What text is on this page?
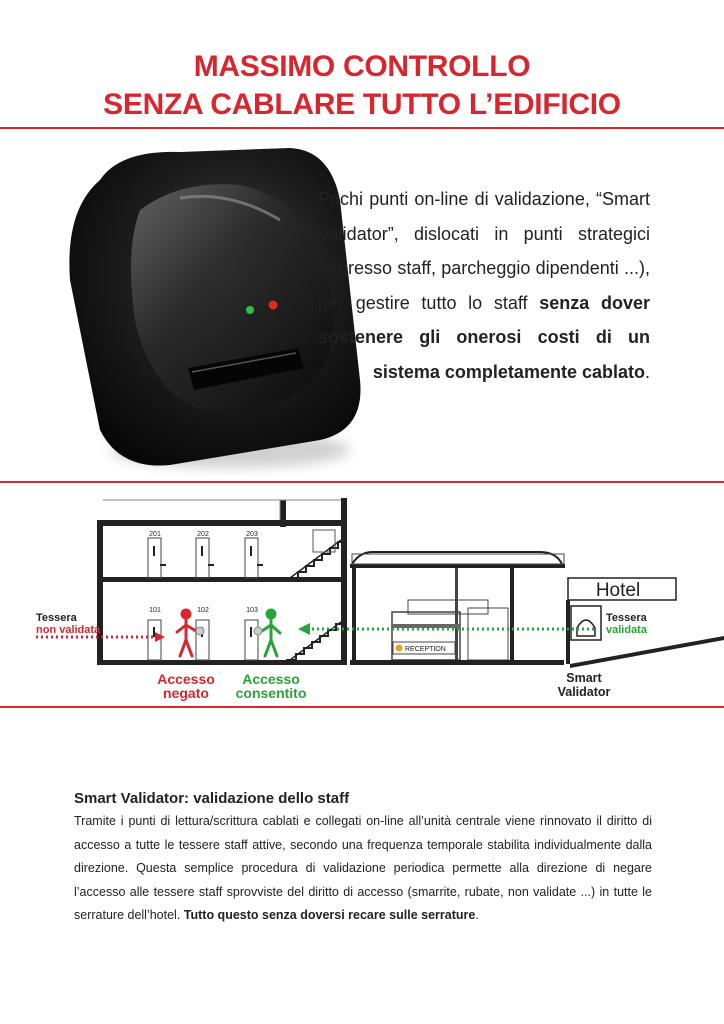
MASSIMO CONTROLLO
SENZA CABLARE TUTTO L’EDIFICIO
Pochi punti on-line di validazione, “Smart Validator”, dislocati in punti strategici (ingresso staff, parcheggio dipendenti ...), per gestire tutto lo staff senza dover sostenere gli onerosi costi di un sistema completamente cablato.
201	202	203
101	102	103
RECEPTION
Hotel
Tessera
non validata
Tessera
validata
Accesso
negato
Accesso
consentito
Smart
Validator
Smart Validator: validazione dello staff
Tramite i punti di lettura/scrittura cablati e collegati on-line all’unità centrale viene rinnovato il diritto di accesso a tutte le tessere staff attive, secondo una frequenza temporale stabilita individualmente dalla direzione. Questa semplice procedura di validazione periodica permette alla direzione di negare l’accesso alle tessere staff sprovviste del diritto di accesso (smarrite, rubate, non validate ...) in tutte le serrature dell’hotel. Tutto questo senza doversi recare sulle serrature.
